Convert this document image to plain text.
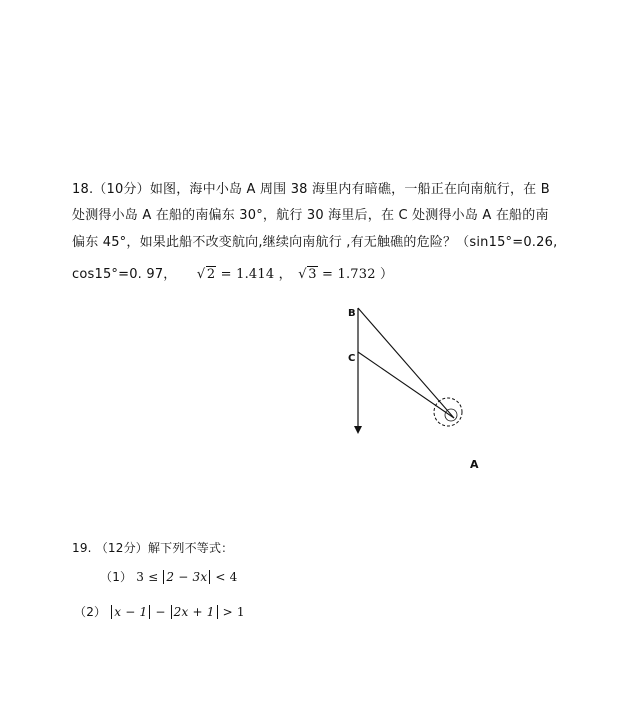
18.（10分）如图，海中小岛 A 周围 38 海里内有暗礁，一船正在向南航行，在 B
处测得小岛 A 在船的南偏东 30°，航行 30 海里后，在 C 处测得小岛 A 在船的南
偏东 45°，如果此船不改变航向,继续向南航行 ,有无触礁的危险？（sin15°=0.26,
cos15°=0. 97， √ 2 = 1.414 ， √ 3 = 1.732 ）
B
C
A
19. （12分）解下列不等式：
（1） 3 ≤ 2 − 3x < 4
（2） x − 1 − 2x + 1 > 1
